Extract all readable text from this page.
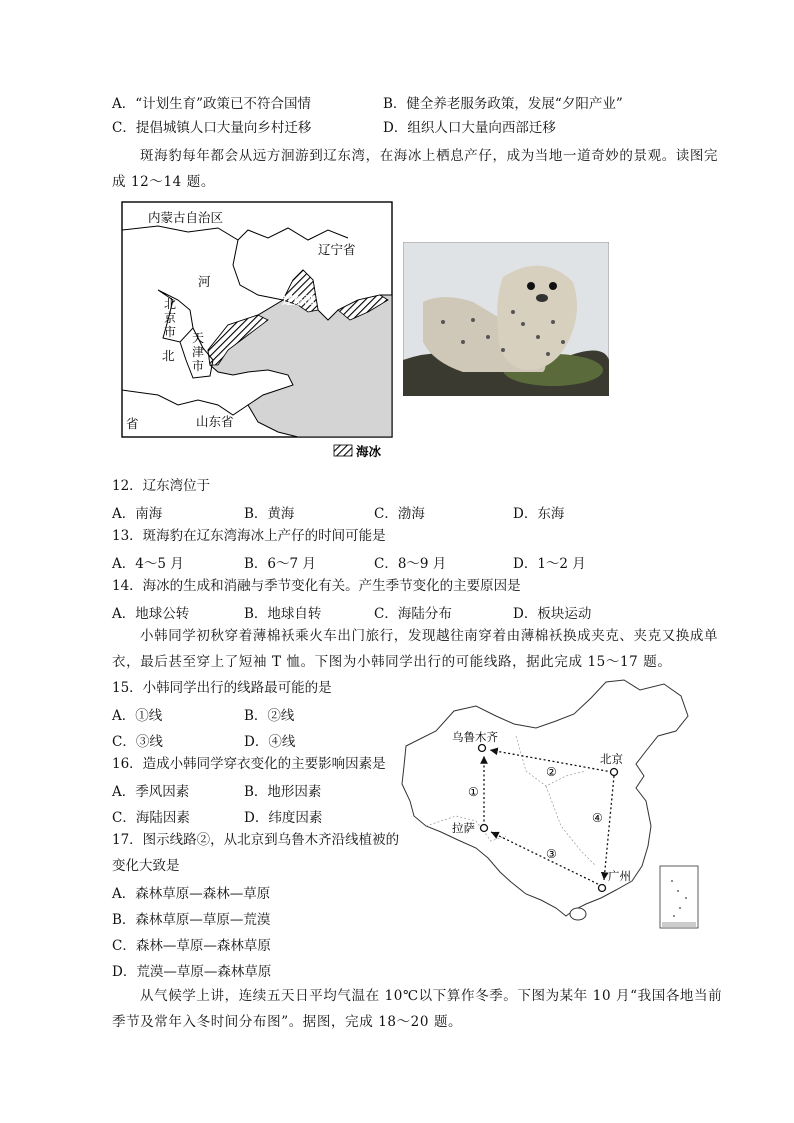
A．“计划生育”政策已不符合国情	B．健全养老服务政策，发展“夕阳产业”
C．提倡城镇人口大量向乡村迁移	D．组织人口大量向西部迁移
斑海豹每年都会从远方洄游到辽东湾，在海冰上栖息产仔，成为当地一道奇妙的景观。读图完
成 12～14 题。
内蒙古自治区
辽宁省
河
北
省	山东省
辽东湾
北
京
市 天
津
市
海冰
12．辽东湾位于
A．南海	B．黄海	C．渤海	D．东海
13．斑海豹在辽东湾海冰上产仔的时间可能是
A．4～5 月	B．6～7 月	C．8～9 月	D．1～2 月
14．海冰的生成和消融与季节变化有关。产生季节变化的主要原因是
A．地球公转	B．地球自转	C．海陆分布	D．板块运动
小韩同学初秋穿着薄棉袄乘火车出门旅行，发现越往南穿着由薄棉袄换成夹克、夹克又换成单
衣，最后甚至穿上了短袖 T 恤。下图为小韩同学出行的可能线路，据此完成 15～17 题。
15．小韩同学出行的线路最可能的是
A．①线	B．②线
C．③线	D．④线
16．造成小韩同学穿衣变化的主要影响因素是
A．季风因素	B．地形因素
C．海陆因素	D．纬度因素
17．图示线路②，从北京到乌鲁木齐沿线植被的
变化大致是
A．森林草原—森林—草原
B．森林草原—草原—荒漠
C．森林—草原—森林草原
D．荒漠—草原—森林草原
乌鲁木齐
北京
拉萨
广州
①
②
③
④
从气候学上讲，连续五天日平均气温在 10℃以下算作冬季。下图为某年 10 月“我国各地当前
季节及常年入冬时间分布图”。据图，完成 18～20 题。
